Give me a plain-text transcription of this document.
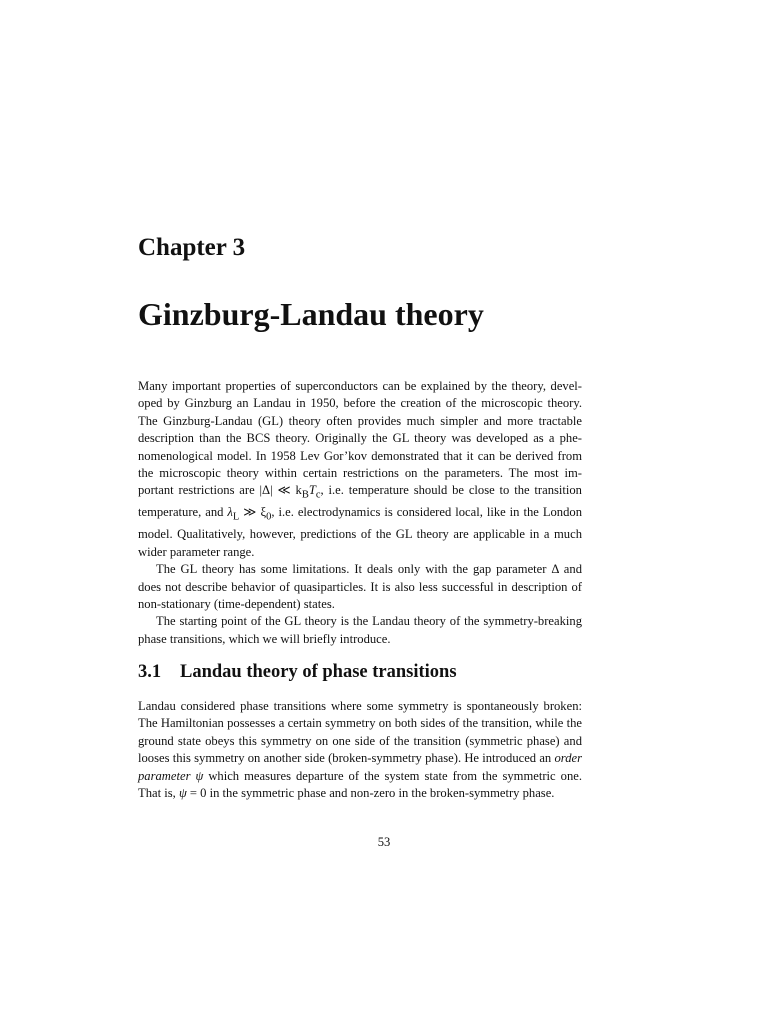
Chapter 3
Ginzburg-Landau theory

Many important properties of superconductors can be explained by the theory, devel-oped by Ginzburg an Landau in 1950, before the creation of the microscopic theory. The Ginzburg-Landau (GL) theory often provides much simpler and more tractable description than the BCS theory. Originally the GL theory was developed as a phe-nomenological model. In 1958 Lev Gor’kov demonstrated that it can be derived from the microscopic theory within certain restrictions on the parameters. The most im-portant restrictions are |Δ| ≪ $k_BT_c$, i.e. temperature should be close to the transition temperature, and $\lambda_L$ ≫ $\xi_0$, i.e. electrodynamics is considered local, like in the London model. Qualitatively, however, predictions of the GL theory are applicable in a much wider parameter range.

The GL theory has some limitations. It deals only with the gap parameter Δ and does not describe behavior of quasiparticles. It is also less successful in description of non-stationary (time-dependent) states.

The starting point of the GL theory is the Landau theory of the symmetry-breaking phase transitions, which we will briefly introduce.

3.1 Landau theory of phase transitions

Landau considered phase transitions where some symmetry is spontaneously broken: The Hamiltonian possesses a certain symmetry on both sides of the transition, while the ground state obeys this symmetry on one side of the transition (symmetric phase) and looses this symmetry on another side (broken-symmetry phase). He introduced an order parameter ψ which measures departure of the system state from the symmetric one. That is, ψ = 0 in the symmetric phase and non-zero in the broken-symmetry phase.

53
